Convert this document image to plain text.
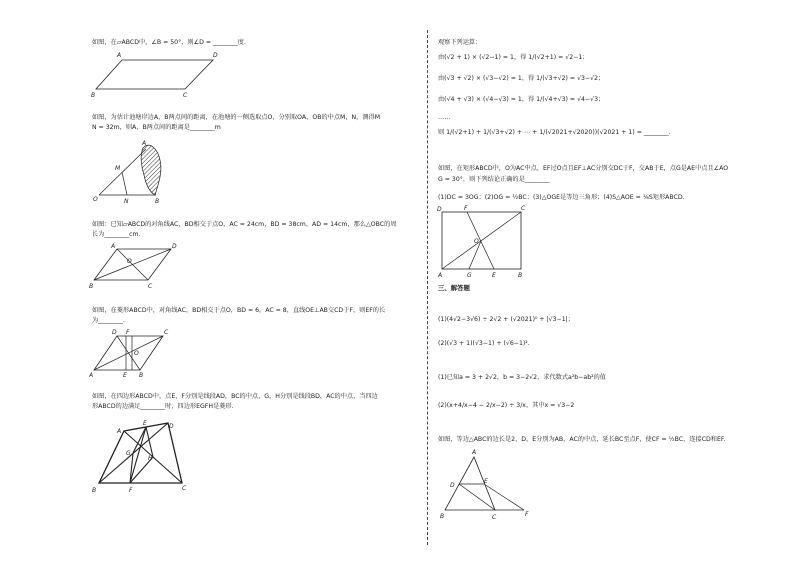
如图，在▱ABCD中，∠B = 50°，则∠D = ________度.
A	D
B	C
如图，为估计池塘岸边A，B两点间的距离，在池塘的一侧选取点O，分别取OA，OB的中点M，N，测得M
N = 32m，则A，B两点间的距离是________m
A
M
O	N	B
如图：已知▱ABCD的对角线AC，BD相交于点O，AC = 24cm，BD = 38cm，AD = 14cm，那么△OBC的周
长为________cm.
A	D
O
B	C
如图，在菱形ABCD中，对角线AC，BD相交于点O，BD = 6，AC = 8，直线OE⊥AB交CD于F，则EF的长
为________.
D F	C
O
A	E B
如图，在四边形ABCD中，点E，F分别是线段AD，BC的中点，G，H分别是线段BD，AC的中点，当四边
形ABCD的边满足________时，四边形EGFH是菱形.
A
E	D
G
H
B	F	C
观察下列运算：
由(√2 + 1) × (√2−1) = 1，得 1/(√2+1) = √2−1；
由(√3 + √2) × (√3−√2) = 1，得 1/(√3+√2) = √3−√2；
由(√4 + √3) × (√4−√3) = 1，得 1/(√4+√3) = √4−√3；
……
则 1/(√2+1) + 1/(√3+√2) + ⋯ + 1/(√2021+√2020))(√2021 + 1) = ________.
如图，在矩形ABCD中，O为AC中点，EF过O点且EF⊥AC分别交DC于F，交AB于E，点G是AE中点且∠AO
G = 30°，则下列结论正确的是________
(1)DC = 3OG；(2)OG = ½BC；(3)△OGE是等边三角形；(4)S△AOE = ⅙S矩形ABCD.
D	F	C
O
A	G	E	B
三、解答题
(1)(4√2−3√6) ÷ 2√2 + (√2021)⁰ + |√3−1|；
(2)(√3 + 1)(√3−1) + (√6−1)².
(1)已知a = 3 + 2√2，b = 3−2√2，求代数式a²b−ab²的值
(2)(x+4/x−4 − 2/x−2) ÷ 3/x，其中x = √3−2
如图，等边△ABC的边长是2，D，E分别为AB，AC的中点，延长BC至点F，使CF = ½BC，连接CD和EF.
A
D
E
B	C	F
